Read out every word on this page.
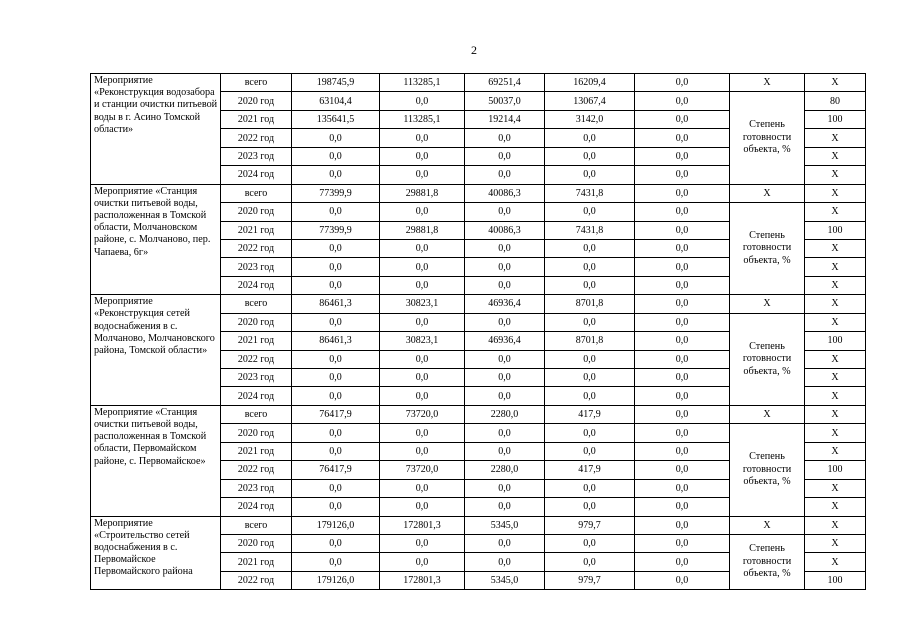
2
Мероприятие «Реконструкция водозабора и станции очистки питьевой воды в г. Асино Томской области»	всего	198745,9	113285,1	69251,4	16209,4	0,0	Х	Х
	2020 год	63104,4	0,0	50037,0	13067,4	0,0	Степень готовности объекта, %	80
	2021 год	135641,5	113285,1	19214,4	3142,0	0,0		100
	2022 год	0,0	0,0	0,0	0,0	0,0		Х
	2023 год	0,0	0,0	0,0	0,0	0,0		Х
	2024 год	0,0	0,0	0,0	0,0	0,0		Х
Мероприятие «Станция очистки питьевой воды, расположенная в Томской области, Молчановском районе, с. Молчаново, пер. Чапаева, 6г»	всего	77399,9	29881,8	40086,3	7431,8	0,0	Х	Х
	2020 год	0,0	0,0	0,0	0,0	0,0	Степень готовности объекта, %	Х
	2021 год	77399,9	29881,8	40086,3	7431,8	0,0		100
	2022 год	0,0	0,0	0,0	0,0	0,0		Х
	2023 год	0,0	0,0	0,0	0,0	0,0		Х
	2024 год	0,0	0,0	0,0	0,0	0,0		Х
Мероприятие «Реконструкция сетей водоснабжения в с. Молчаново, Молчановского района, Томской области»	всего	86461,3	30823,1	46936,4	8701,8	0,0	Х	Х
	2020 год	0,0	0,0	0,0	0,0	0,0	Степень готовности объекта, %	Х
	2021 год	86461,3	30823,1	46936,4	8701,8	0,0		100
	2022 год	0,0	0,0	0,0	0,0	0,0		Х
	2023 год	0,0	0,0	0,0	0,0	0,0		Х
	2024 год	0,0	0,0	0,0	0,0	0,0		Х
Мероприятие «Станция очистки питьевой воды, расположенная в Томской области, Первомайском районе, с. Первомайское»	всего	76417,9	73720,0	2280,0	417,9	0,0	Х	Х
	2020 год	0,0	0,0	0,0	0,0	0,0	Степень готовности объекта, %	Х
	2021 год	0,0	0,0	0,0	0,0	0,0		Х
	2022 год	76417,9	73720,0	2280,0	417,9	0,0		100
	2023 год	0,0	0,0	0,0	0,0	0,0		Х
	2024 год	0,0	0,0	0,0	0,0	0,0		Х
Мероприятие «Строительство сетей водоснабжения в с. Первомайское Первомайского района	всего	179126,0	172801,3	5345,0	979,7	0,0	Х	Х
	2020 год	0,0	0,0	0,0	0,0	0,0	Степень готовности объекта, %	Х
	2021 год	0,0	0,0	0,0	0,0	0,0		Х
	2022 год	179126,0	172801,3	5345,0	979,7	0,0		100
